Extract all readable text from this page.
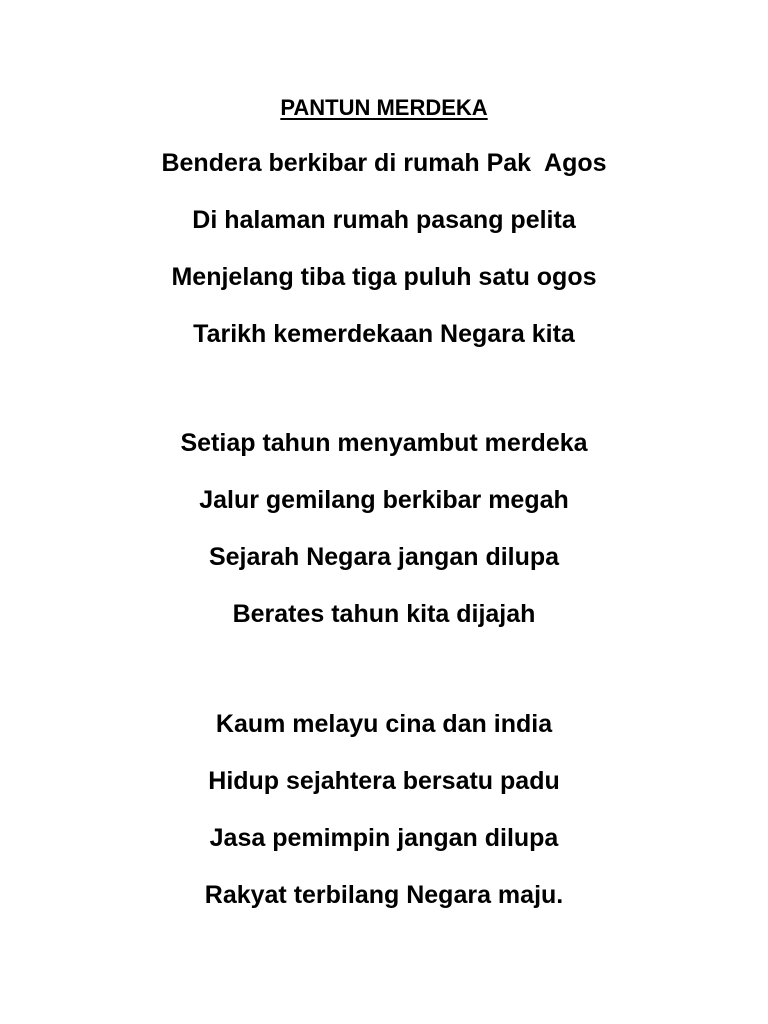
PANTUN MERDEKA
Bendera berkibar di rumah Pak  Agos
Di halaman rumah pasang pelita
Menjelang tiba tiga puluh satu ogos
Tarikh kemerdekaan Negara kita
Setiap tahun menyambut merdeka
Jalur gemilang berkibar megah
Sejarah Negara jangan dilupa
Berates tahun kita dijajah
Kaum melayu cina dan india
Hidup sejahtera bersatu padu
Jasa pemimpin jangan dilupa
Rakyat terbilang Negara maju.
